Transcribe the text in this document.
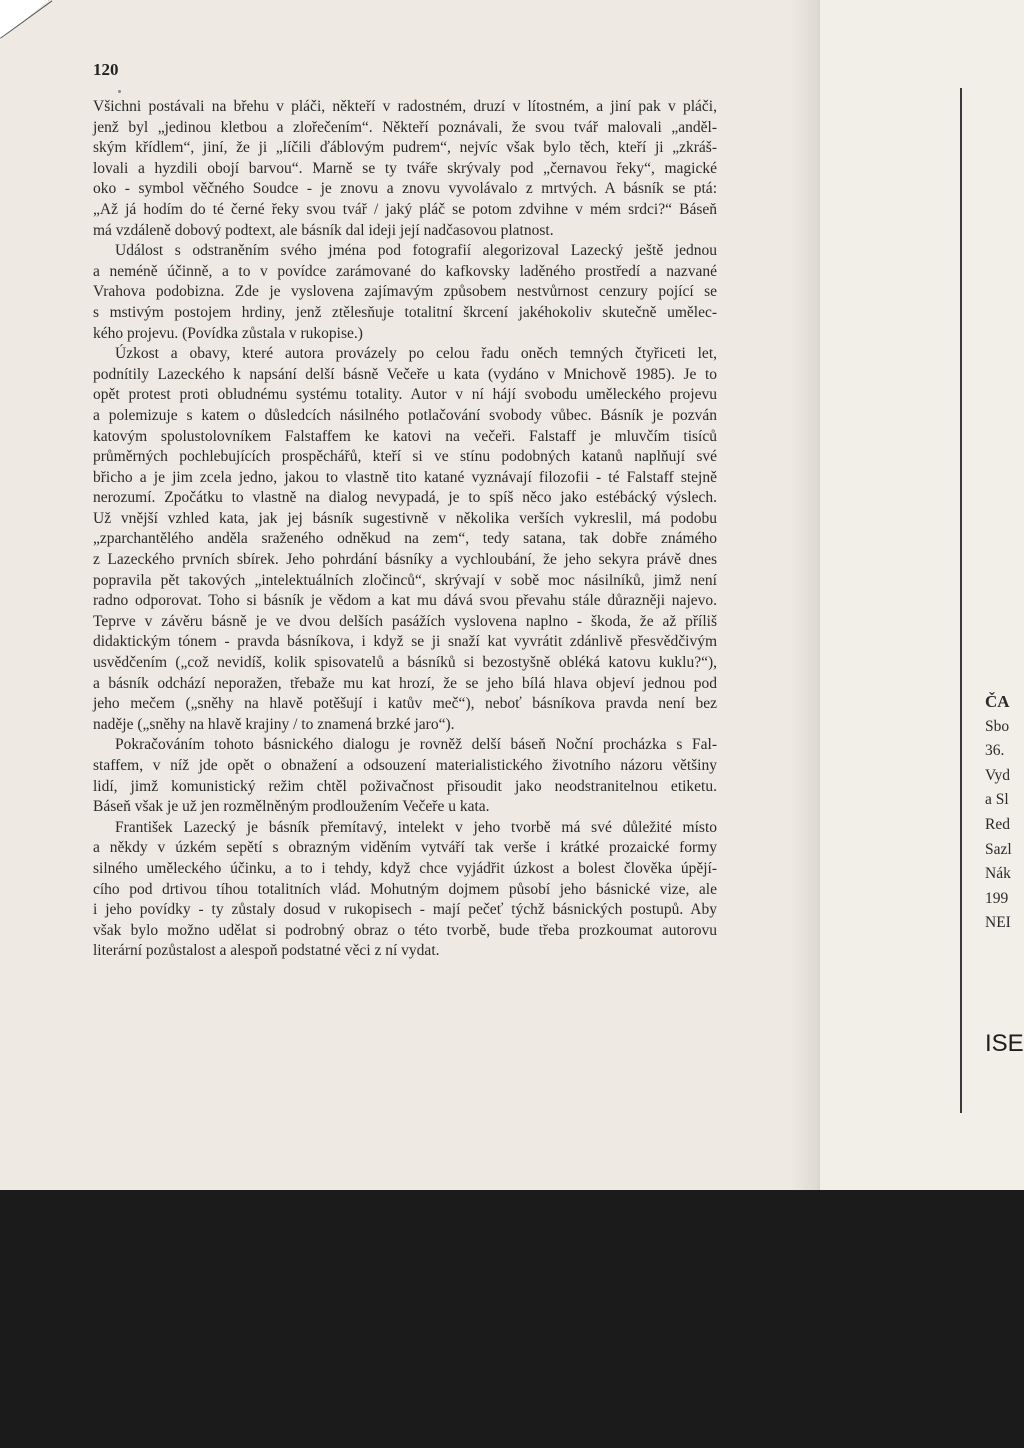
120
Všichni postávali na břehu v pláči, někteří v radostném, druzí v lítostném, a jiní pak v pláči,
jenž byl „jedinou kletbou a zlořečením“. Někteří poznávali, že svou tvář malovali „anděl-
ským křídlem“, jiní, že ji „líčili ďáblovým pudrem“, nejvíc však bylo těch, kteří ji „zkráš-
lovali a hyzdili obojí barvou“. Marně se ty tváře skrývaly pod „černavou řeky“, magické
oko - symbol věčného Soudce - je znovu a znovu vyvolávalo z mrtvých. A básník se ptá:
„Až já hodím do té černé řeky svou tvář / jaký pláč se potom zdvihne v mém srdci?“ Báseň
má vzdáleně dobový podtext, ale básník dal ideji její nadčasovou platnost.
Událost s odstraněním svého jména pod fotografií alegorizoval Lazecký ještě jednou
a neméně účinně, a to v povídce zarámované do kafkovsky laděného prostředí a nazvané
Vrahova podobizna. Zde je vyslovena zajímavým způsobem nestvůrnost cenzury pojící se
s mstivým postojem hrdiny, jenž ztělesňuje totalitní škrcení jakéhokoliv skutečně umělec-
kého projevu. (Povídka zůstala v rukopise.)
Úzkost a obavy, které autora provázely po celou řadu oněch temných čtyřiceti let,
podnítily Lazeckého k napsání delší básně Večeře u kata (vydáno v Mnichově 1985). Je to
opět protest proti obludnému systému totality. Autor v ní hájí svobodu uměleckého projevu
a polemizuje s katem o důsledcích násilného potlačování svobody vůbec. Básník je pozván
katovým spolustolovníkem Falstaffem ke katovi na večeři. Falstaff je mluvčím tisíců
průměrných pochlebujících prospěchářů, kteří si ve stínu podobných katanů naplňují své
břicho a je jim zcela jedno, jakou to vlastně tito katané vyznávají filozofii - té Falstaff stejně
nerozumí. Zpočátku to vlastně na dialog nevypadá, je to spíš něco jako estébácký výslech.
Už vnější vzhled kata, jak jej básník sugestivně v několika verších vykreslil, má podobu
„zparchantělého anděla sraženého odněkud na zem“, tedy satana, tak dobře známého
z Lazeckého prvních sbírek. Jeho pohrdání básníky a vychloubání, že jeho sekyra právě dnes
popravila pět takových „intelektuálních zločinců“, skrývají v sobě moc násilníků, jimž není
radno odporovat. Toho si básník je vědom a kat mu dává svou převahu stále důrazněji najevo.
Teprve v závěru básně je ve dvou delších pasážích vyslovena naplno - škoda, že až příliš
didaktickým tónem - pravda básníkova, i když se ji snaží kat vyvrátit zdánlivě přesvědčivým
usvědčením („což nevidíš, kolik spisovatelů a básníků si bezostyšně obléká katovu kuklu?“),
a básník odchází neporažen, třebaže mu kat hrozí, že se jeho bílá hlava objeví jednou pod
jeho mečem („sněhy na hlavě potěšují i katův meč“), neboť básníkova pravda není bez
naděje („sněhy na hlavě krajiny / to znamená brzké jaro“).
Pokračováním tohoto básnického dialogu je rovněž delší báseň Noční procházka s Fal-
staffem, v níž jde opět o obnažení a odsouzení materialistického životního názoru většiny
lidí, jimž komunistický režim chtěl poživačnost přisoudit jako neodstranitelnou etiketu.
Báseň však je už jen rozmělněným prodloužením Večeře u kata.
František Lazecký je básník přemítavý, intelekt v jeho tvorbě má své důležité místo
a někdy v úzkém sepětí s obrazným viděním vytváří tak verše i krátké prozaické formy
silného uměleckého účinku, a to i tehdy, když chce vyjádřit úzkost a bolest člověka úpějí-
cího pod drtivou tíhou totalitních vlád. Mohutným dojmem působí jeho básnické vize, ale
i jeho povídky - ty zůstaly dosud v rukopisech - mají pečeť týchž básnických postupů. Aby
však bylo možno udělat si podrobný obraz o této tvorbě, bude třeba prozkoumat autorovu
literární pozůstalost a alespoň podstatné věci z ní vydat.
ČA
Sbo
36.
Vyd
a Sl
Red
Sazl
Nák
199
NEI
ISE
